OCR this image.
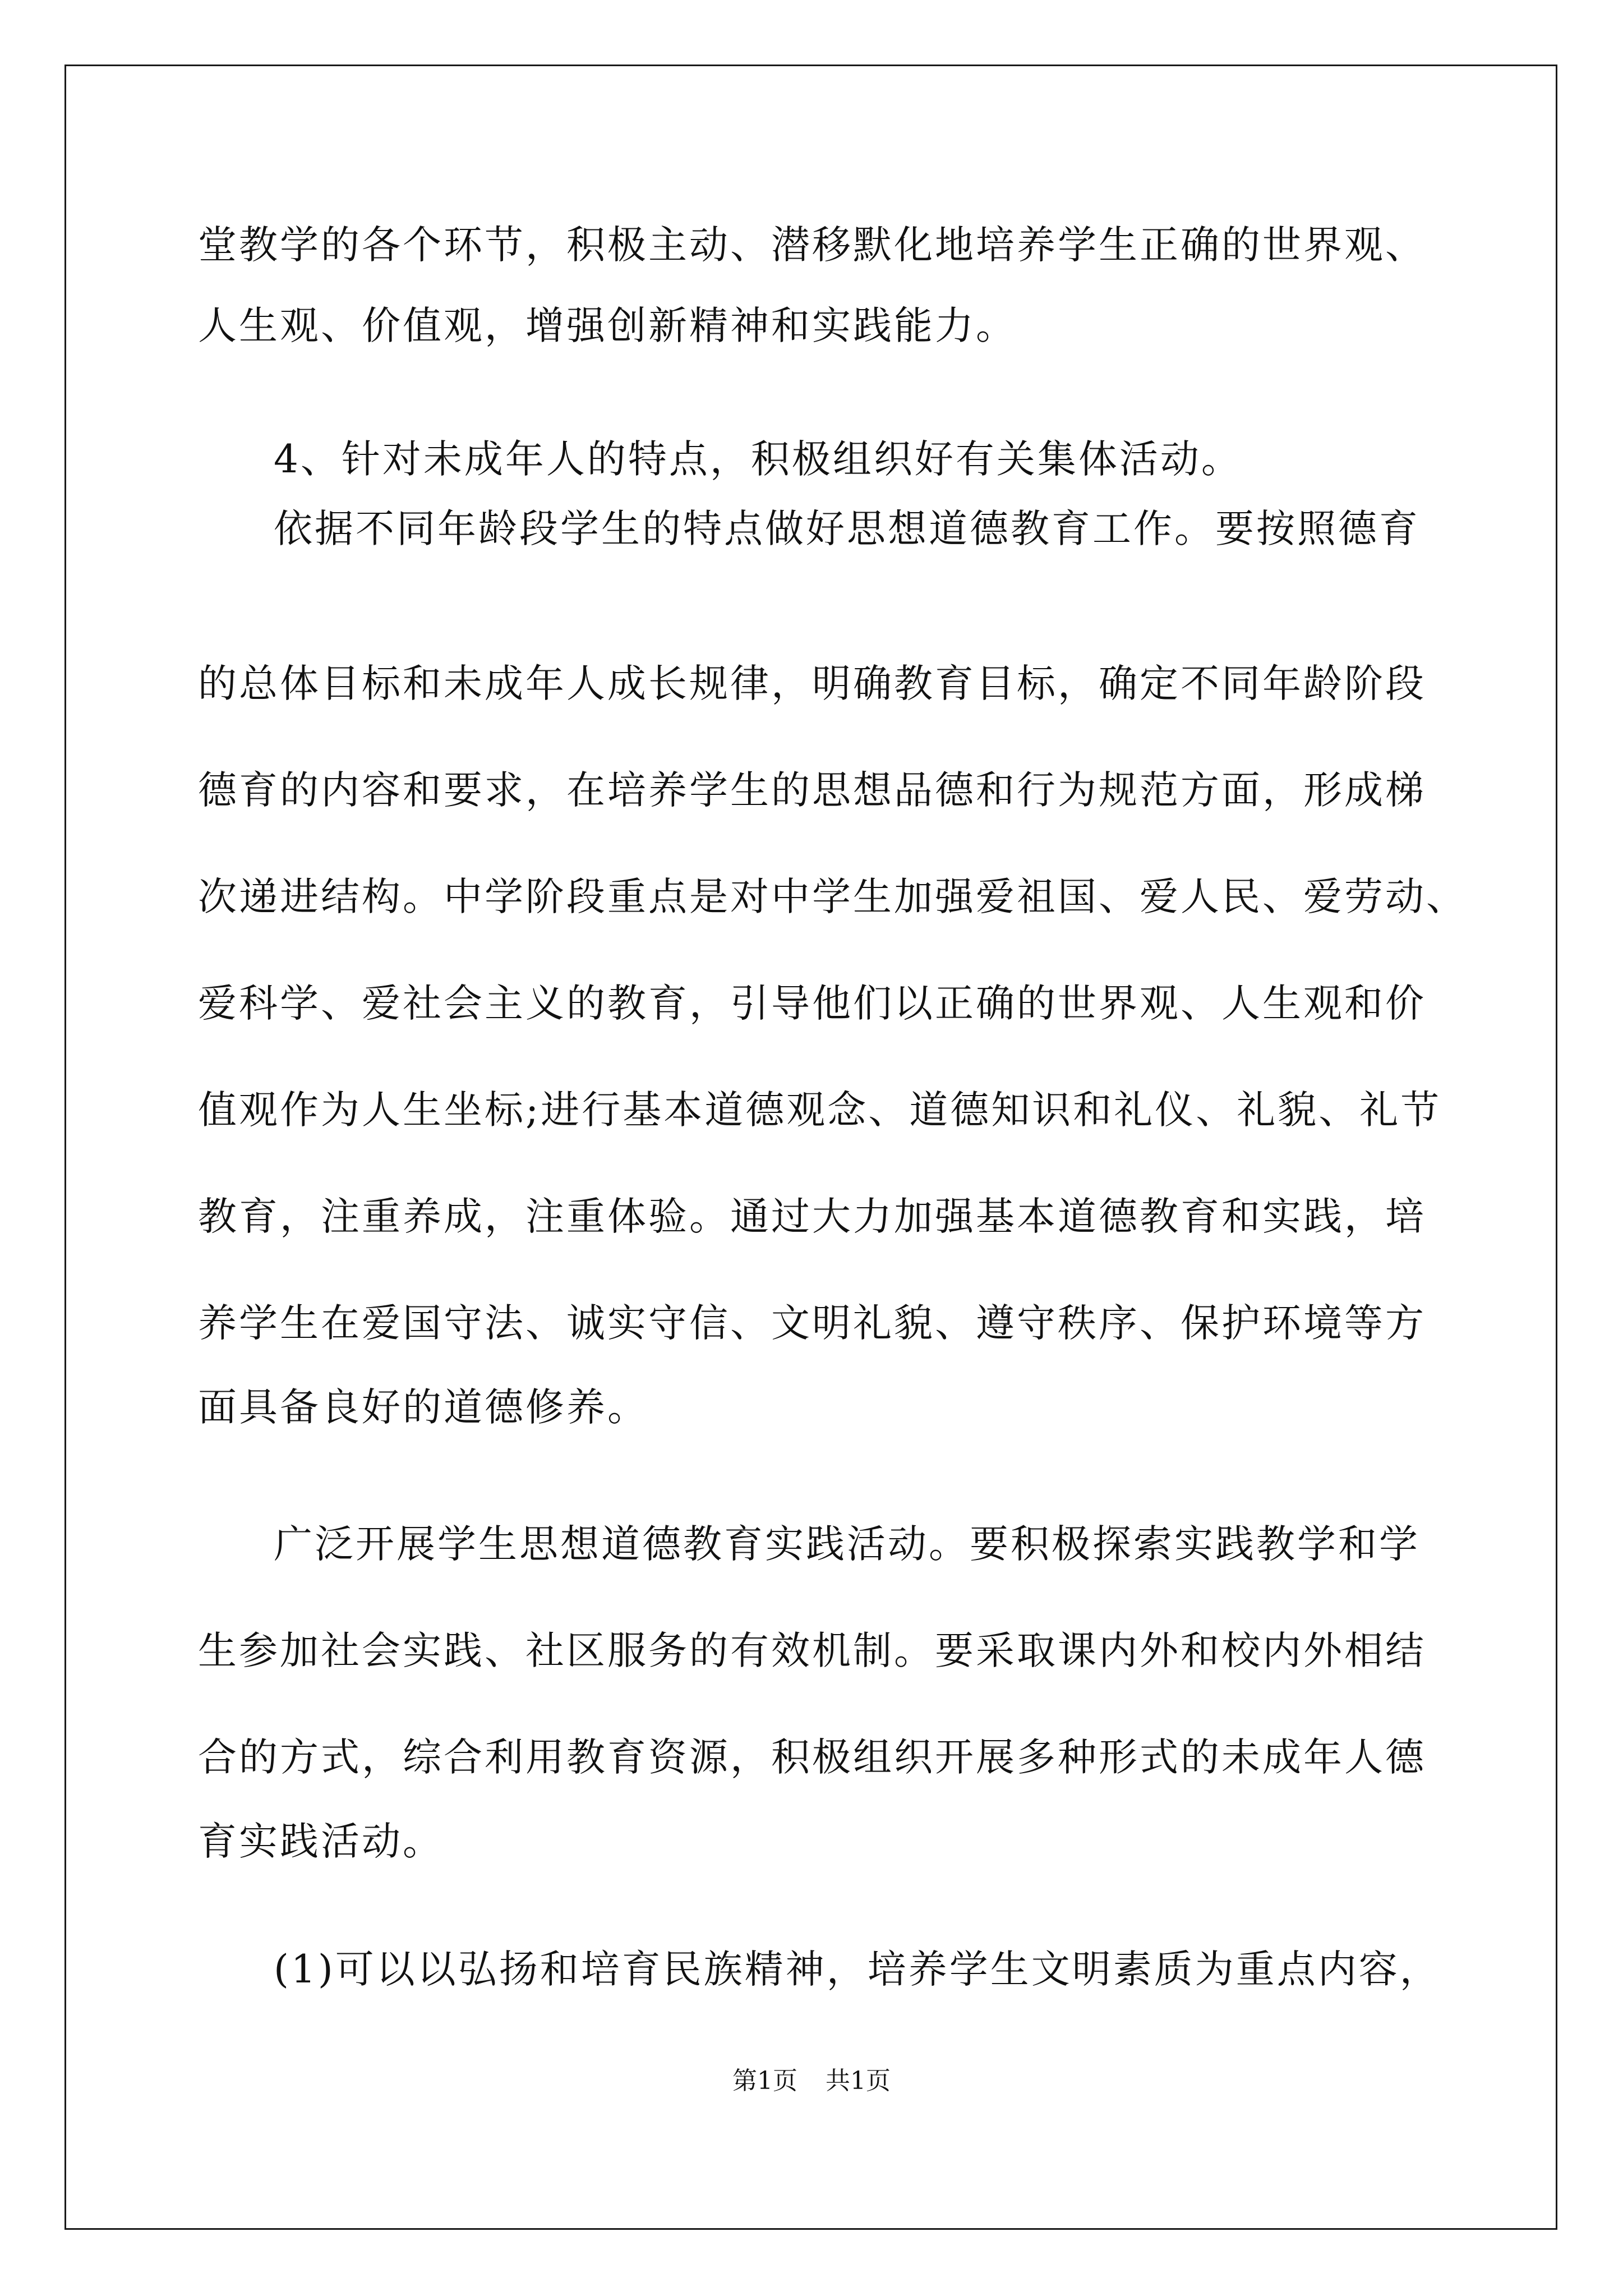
堂教学的各个环节，积极主动、潜移默化地培养学生正确的世界观、
人生观、价值观，增强创新精神和实践能力。
4、针对未成年人的特点，积极组织好有关集体活动。
依据不同年龄段学生的特点做好思想道德教育工作。要按照德育
的总体目标和未成年人成长规律，明确教育目标，确定不同年龄阶段
德育的内容和要求，在培养学生的思想品德和行为规范方面，形成梯
次递进结构。中学阶段重点是对中学生加强爱祖国、爱人民、爱劳动、
爱科学、爱社会主义的教育，引导他们以正确的世界观、人生观和价
值观作为人生坐标;进行基本道德观念、道德知识和礼仪、礼貌、礼节
教育，注重养成，注重体验。通过大力加强基本道德教育和实践，培
养学生在爱国守法、诚实守信、文明礼貌、遵守秩序、保护环境等方
面具备良好的道德修养。
广泛开展学生思想道德教育实践活动。要积极探索实践教学和学
生参加社会实践、社区服务的有效机制。要采取课内外和校内外相结
合的方式，综合利用教育资源，积极组织开展多种形式的未成年人德
育实践活动。
(1)可以以弘扬和培育民族精神，培养学生文明素质为重点内容，
第1页 共1页
